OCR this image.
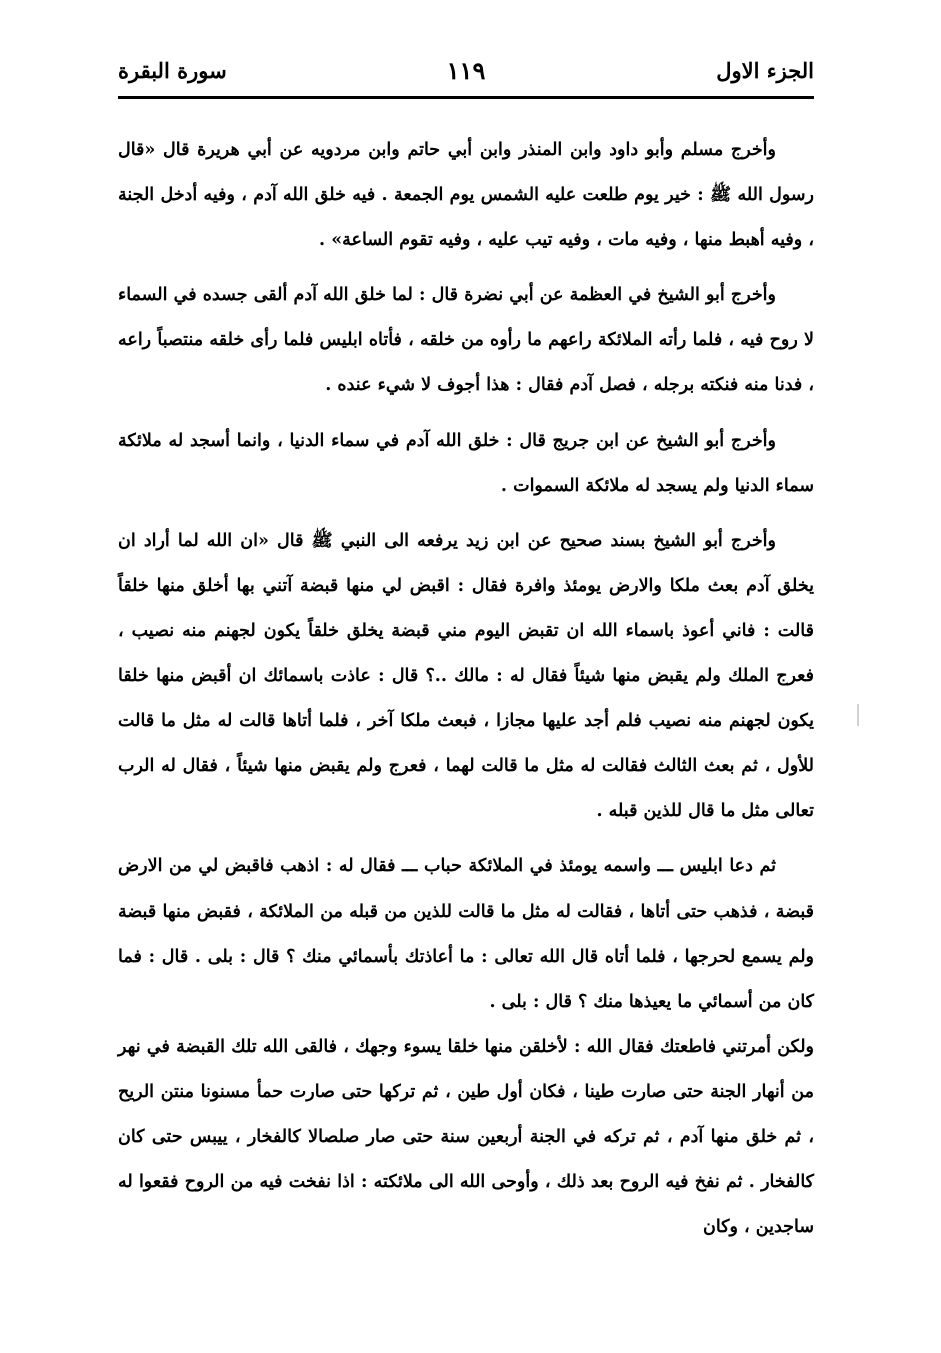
الجزء الاول
١١٩
سورة البقرة

وأخرج مسلم وأبو داود وابن المنذر وابن أبي حاتم وابن مردويه عن أبي هريرة قال «قال رسول الله ﷺ : خير يوم طلعت عليه الشمس يوم الجمعة . فيه خلق الله آدم ، وفيه أدخل الجنة ، وفيه أهبط منها ، وفيه مات ، وفيه تيب عليه ، وفيه تقوم الساعة» .

وأخرج أبو الشيخ في العظمة عن أبي نضرة قال : لما خلق الله آدم ألقى جسده في السماء لا روح فيه ، فلما رأته الملائكة راعهم ما رأوه من خلقه ، فأتاه ابليس فلما رأى خلقه منتصباً راعه ، فدنا منه فنكته برجله ، فصل آدم فقال : هذا أجوف لا شيء عنده .

وأخرج أبو الشيخ عن ابن جريج قال : خلق الله آدم في سماء الدنيا ، وانما أسجد له ملائكة سماء الدنيا ولم يسجد له ملائكة السموات .

وأخرج أبو الشيخ بسند صحيح عن ابن زيد يرفعه الى النبي ﷺ قال «ان الله لما أراد ان يخلق آدم بعث ملكا والارض يومئذ وافرة فقال : اقبض لي منها قبضة آتني بها أخلق منها خلقاً قالت : فاني أعوذ باسماء الله ان تقبض اليوم مني قبضة يخلق خلقاً يكون لجهنم منه نصيب ، فعرج الملك ولم يقبض منها شيئاً فقال له : مالك ..؟ قال : عاذت باسمائك ان أقبض منها خلقا يكون لجهنم منه نصيب فلم أجد عليها مجازا ، فبعث ملكا آخر ، فلما أتاها قالت له مثل ما قالت للأول ، ثم بعث الثالث فقالت له مثل ما قالت لهما ، فعرج ولم يقبض منها شيئاً ، فقال له الرب تعالى مثل ما قال للذين قبله .

ثم دعا ابليس ـــ واسمه يومئذ في الملائكة حباب ـــ فقال له : اذهب فاقبض لي من الارض قبضة ، فذهب حتى أتاها ، فقالت له مثل ما قالت للذين من قبله من الملائكة ، فقبض منها قبضة ولم يسمع لحرجها ، فلما أتاه قال الله تعالى : ما أعاذتك بأسمائي منك ؟ قال : بلى . قال : فما كان من أسمائي ما يعيذها منك ؟ قال : بلى .

ولكن أمرتني فاطعتك فقال الله : لأخلقن منها خلقا يسوء وجهك ، فالقى الله تلك القبضة في نهر من أنهار الجنة حتى صارت طينا ، فكان أول طين ، ثم تركها حتى صارت حمأ مسنونا منتن الريح ، ثم خلق منها آدم ، ثم تركه في الجنة أربعين سنة حتى صار صلصالا كالفخار ، ييبس حتى كان كالفخار . ثم نفخ فيه الروح بعد ذلك ، وأوحى الله الى ملائكته : اذا نفخت فيه من الروح فقعوا له ساجدين ، وكان
